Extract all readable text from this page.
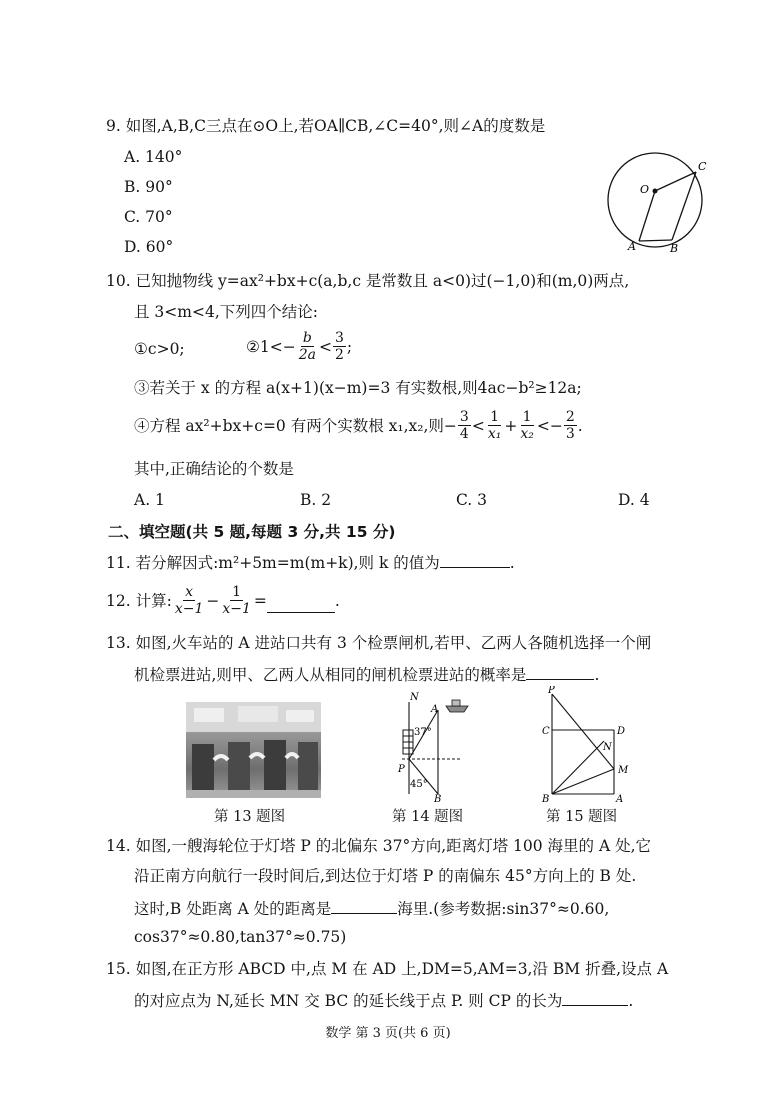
9. 如图,A,B,C三点在⊙O上,若OA∥CB,∠C=40°,则∠A的度数是
A. 140°
B. 90°
C. 70°
D. 60°
O
A	B
C
10. 已知抛物线 y=ax²+bx+c(a,b,c 是常数且 a<0)过(−1,0)和(m,0)两点,
且 3<m<4,下列四个结论:
①c>0;	②1<− $\frac{b}{2a} < \frac{3}{2}$ ;
③若关于 x 的方程 a(x+1)(x−m)=3 有实数根,则4ac−b²≥12a;
④方程 ax²+bx+c=0 有两个实数根 x₁,x₂,则− $\frac{3}{4} < \frac{1}{\text{x₁}} + \frac{1}{\text{x₂}} <- \frac{2}{3}$ .
其中,正确结论的个数是
A. 1	B. 2	C. 3	D. 4
二、填空题(共 5 题,每题 3 分,共 15 分)
11. 若分解因式:m²+5m=m(m+k),则 k 的值为	.
12. 计算: $\frac{x}{x-1} - \frac{1}{x-1}$ =	.
13. 如图,火车站的 A 进站口共有 3 个检票闸机,若甲、乙两人各随机选择一个闸
机检票进站,则甲、乙两人从相同的闸机检票进站的概率是	.
第 13 题图
N
A
P
B
37°
45°
第 14 题图
P
C	D
N
M
B	A
第 15 题图
14. 如图,一艘海轮位于灯塔 P 的北偏东 37°方向,距离灯塔 100 海里的 A 处,它
沿正南方向航行一段时间后,到达位于灯塔 P 的南偏东 45°方向上的 B 处.
这时,B 处距离 A 处的距离是	海里.(参考数据:sin37°≈0.60,
cos37°≈0.80,tan37°≈0.75)
15. 如图,在正方形 ABCD 中,点 M 在 AD 上,DM=5,AM=3,沿 BM 折叠,设点 A
的对应点为 N,延长 MN 交 BC 的延长线于点 P. 则 CP 的长为	.
数学 第 3 页(共 6 页)
